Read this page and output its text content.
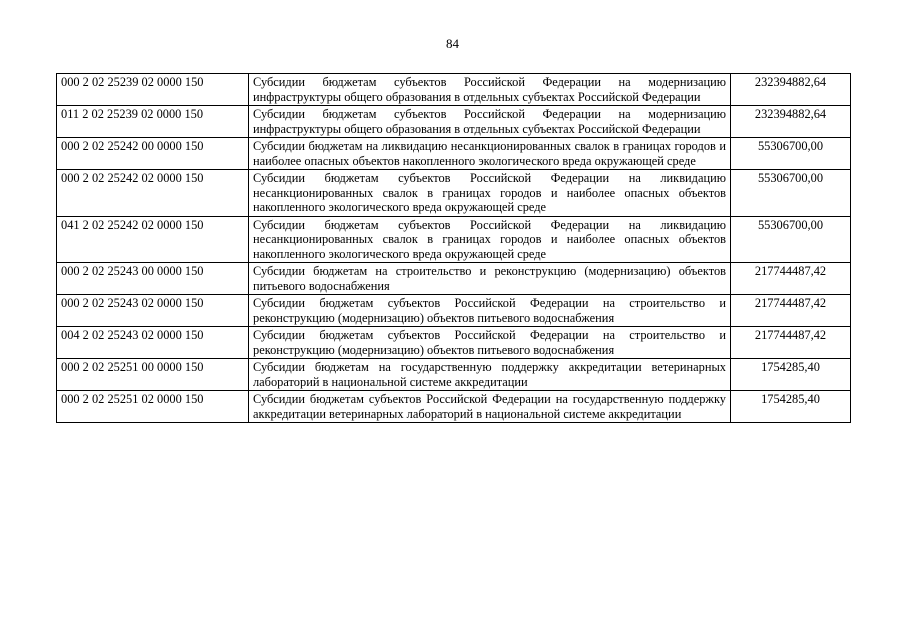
84
000 2 02 25239 02 0000 150	Субсидии бюджетам субъектов Российской Федерации на модернизацию инфраструктуры общего образования в отдельных субъектах Российской Федерации	232394882,64
011 2 02 25239 02 0000 150	Субсидии бюджетам субъектов Российской Федерации на модернизацию инфраструктуры общего образования в отдельных субъектах Российской Федерации	232394882,64
000 2 02 25242 00 0000 150	Субсидии бюджетам на ликвидацию несанкционированных свалок в границах городов и наиболее опасных объектов накопленного экологического вреда окружающей среде	55306700,00
000 2 02 25242 02 0000 150	Субсидии бюджетам субъектов Российской Федерации на ликвидацию несанкционированных свалок в границах городов и наиболее опасных объектов накопленного экологического вреда окружающей среде	55306700,00
041 2 02 25242 02 0000 150	Субсидии бюджетам субъектов Российской Федерации на ликвидацию несанкционированных свалок в границах городов и наиболее опасных объектов накопленного экологического вреда окружающей среде	55306700,00
000 2 02 25243 00 0000 150	Субсидии бюджетам на строительство и реконструкцию (модернизацию) объектов питьевого водоснабжения	217744487,42
000 2 02 25243 02 0000 150	Субсидии бюджетам субъектов Российской Федерации на строительство и реконструкцию (модернизацию) объектов питьевого водоснабжения	217744487,42
004 2 02 25243 02 0000 150	Субсидии бюджетам субъектов Российской Федерации на строительство и реконструкцию (модернизацию) объектов питьевого водоснабжения	217744487,42
000 2 02 25251 00 0000 150	Субсидии бюджетам на государственную поддержку аккредитации ветеринарных лабораторий в национальной системе аккредитации	1754285,40
000 2 02 25251 02 0000 150	Субсидии бюджетам субъектов Российской Федерации на государственную поддержку аккредитации ветеринарных лабораторий в национальной системе аккредитации	1754285,40
